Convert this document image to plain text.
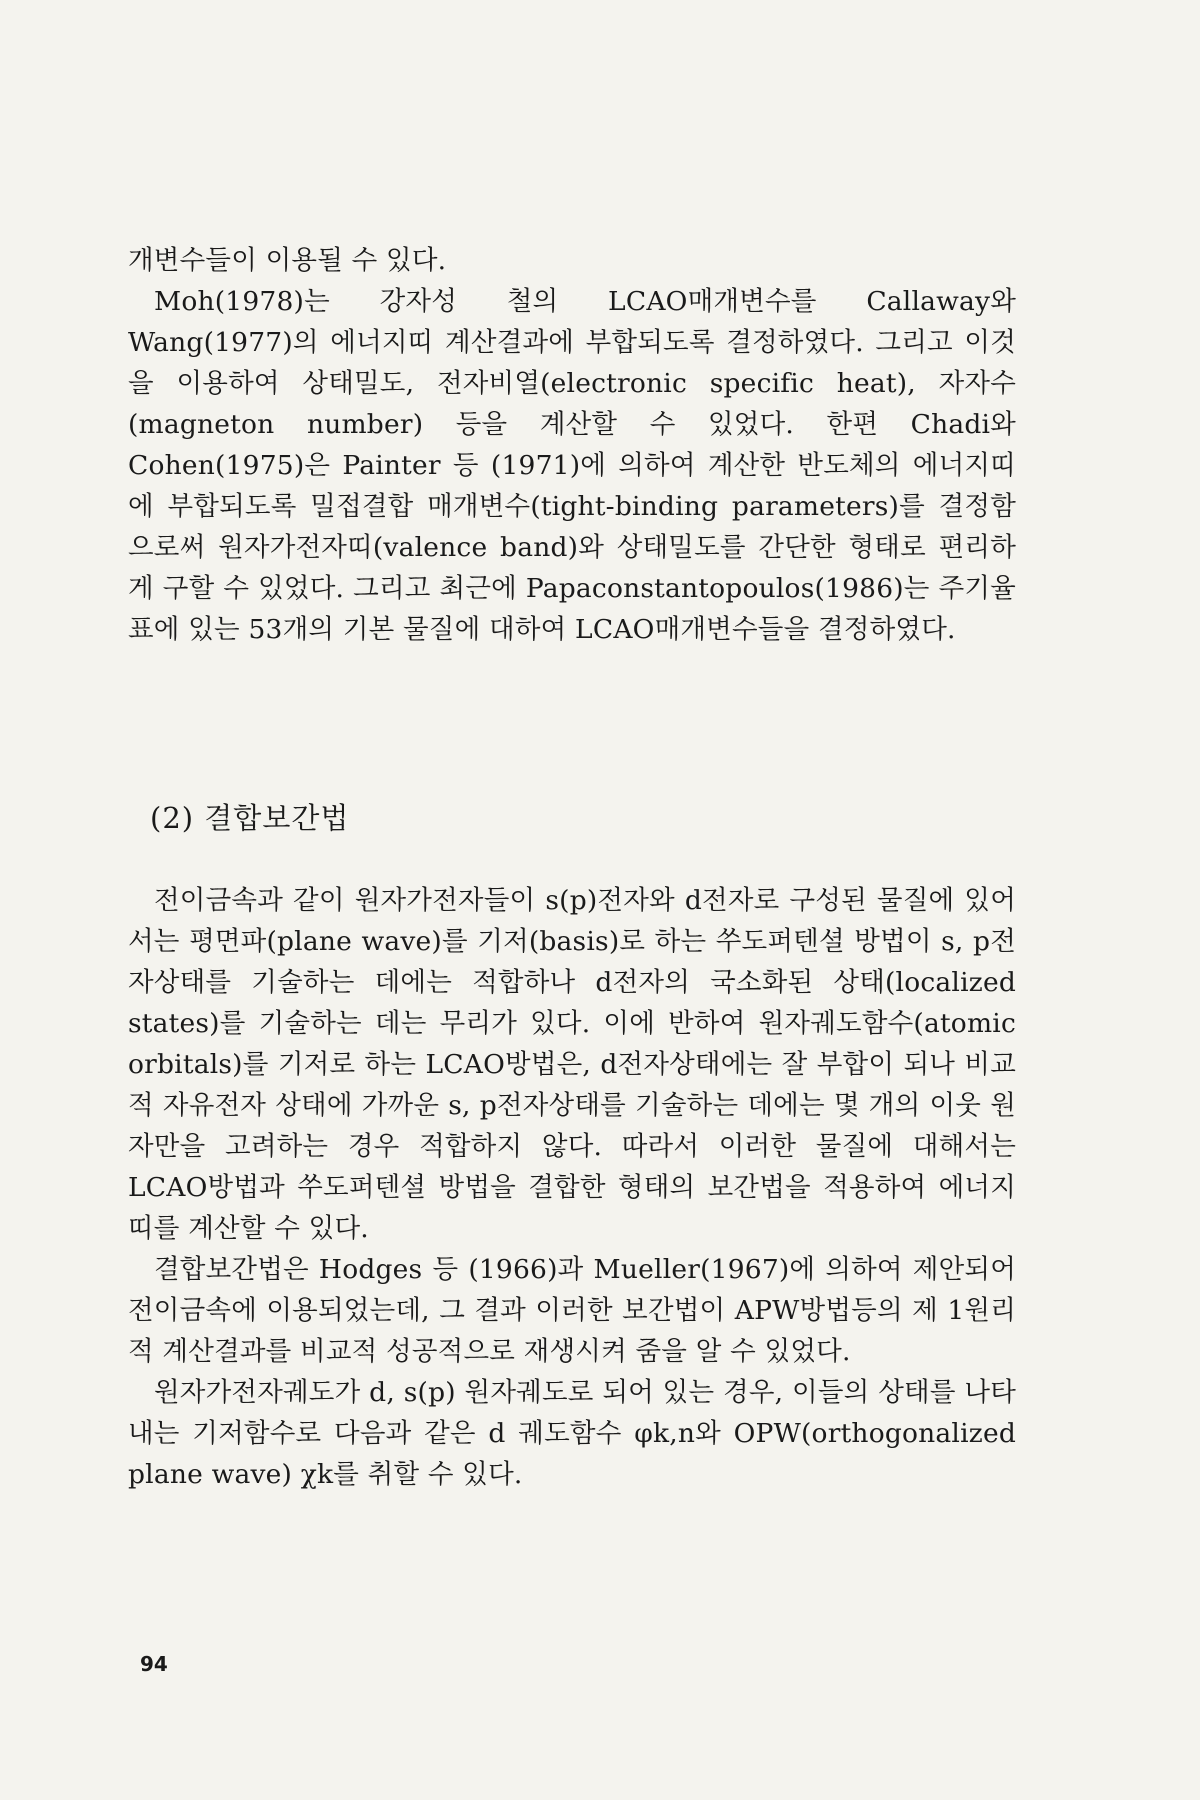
개변수들이 이용될 수 있다.

Moh(1978)는 강자성 철의 LCAO매개변수를 Callaway와 Wang(1977)의 에너지띠 계산결과에 부합되도록 결정하였다. 그리고 이것을 이용하여 상태밀도, 전자비열(electronic specific heat), 자자수(magneton number) 등을 계산할 수 있었다. 한편 Chadi와 Cohen(1975)은 Painter 등 (1971)에 의하여 계산한 반도체의 에너지띠에 부합되도록 밀접결합 매개변수(tight-binding parameters)를 결정함으로써 원자가전자띠(valence band)와 상태밀도를 간단한 형태로 편리하게 구할 수 있었다. 그리고 최근에 Papaconstantopoulos(1986)는 주기율표에 있는 53개의 기본 물질에 대하여 LCAO매개변수들을 결정하였다.

(2) 결합보간법

전이금속과 같이 원자가전자들이 s(p)전자와 d전자로 구성된 물질에 있어서는 평면파(plane wave)를 기저(basis)로 하는 쑤도퍼텐셜 방법이 s, p전자상태를 기술하는 데에는 적합하나 d전자의 국소화된 상태(localized states)를 기술하는 데는 무리가 있다. 이에 반하여 원자궤도함수(atomic orbitals)를 기저로 하는 LCAO방법은, d전자상태에는 잘 부합이 되나 비교적 자유전자 상태에 가까운 s, p전자상태를 기술하는 데에는 몇 개의 이웃 원자만을 고려하는 경우 적합하지 않다. 따라서 이러한 물질에 대해서는 LCAO방법과 쑤도퍼텐셜 방법을 결합한 형태의 보간법을 적용하여 에너지띠를 계산할 수 있다.

결합보간법은 Hodges 등 (1966)과 Mueller(1967)에 의하여 제안되어 전이금속에 이용되었는데, 그 결과 이러한 보간법이 APW방법등의 제 1원리적 계산결과를 비교적 성공적으로 재생시켜 줌을 알 수 있었다.

원자가전자궤도가 d, s(p) 원자궤도로 되어 있는 경우, 이들의 상태를 나타내는 기저함수로 다음과 같은 d 궤도함수 φk,n와 OPW(orthogonalized plane wave) χk를 취할 수 있다.

94
